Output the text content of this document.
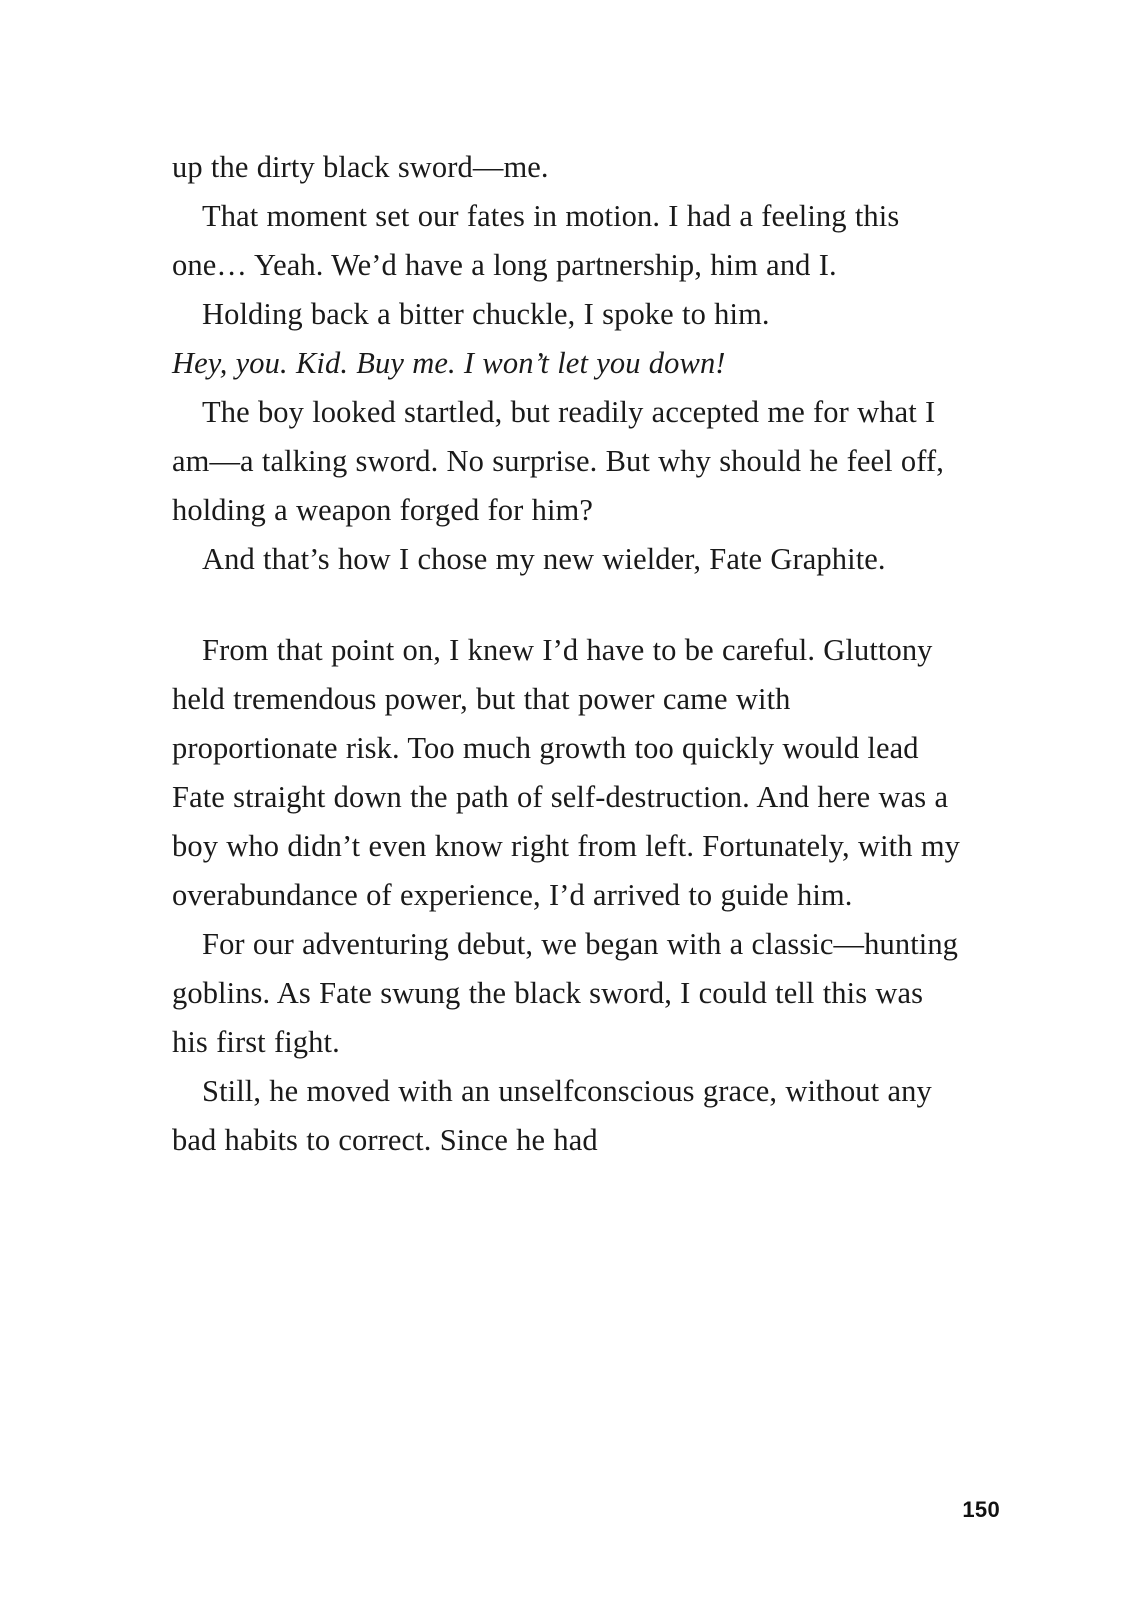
up the dirty black sword—me.

That moment set our fates in motion. I had a feeling this one… Yeah. We’d have a long partnership, him and I.

Holding back a bitter chuckle, I spoke to him.

Hey, you. Kid. Buy me. I won’t let you down!

The boy looked startled, but readily accepted me for what I am—a talking sword. No surprise. But why should he feel off, holding a weapon forged for him?

And that’s how I chose my new wielder, Fate Graphite.

From that point on, I knew I’d have to be careful. Gluttony held tremendous power, but that power came with proportionate risk. Too much growth too quickly would lead Fate straight down the path of self-destruction. And here was a boy who didn’t even know right from left. Fortunately, with my overabundance of experience, I’d arrived to guide him.

For our adventuring debut, we began with a classic—hunting goblins. As Fate swung the black sword, I could tell this was his first fight.

Still, he moved with an unselfconscious grace, without any bad habits to correct. Since he had

150
